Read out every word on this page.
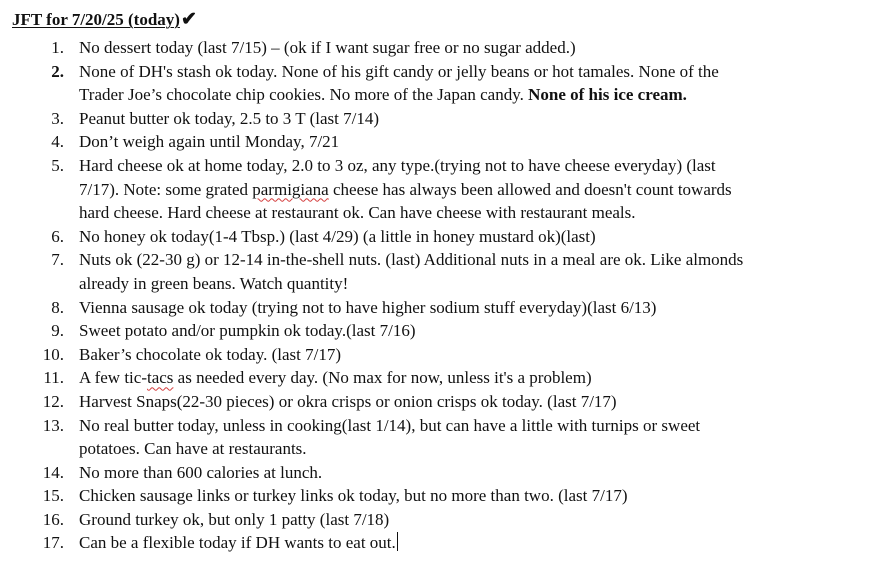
JFT for 7/20/25 (today)✔
1. No dessert today (last 7/15) – (ok if I want sugar free or no sugar added.)
2. None of DH's stash ok today. None of his gift candy or jelly beans or hot tamales. None of the
Trader Joe’s chocolate chip cookies. No more of the Japan candy. None of his ice cream.
3. Peanut butter ok today, 2.5 to 3 T (last 7/14)
4. Don’t weigh again until Monday, 7/21
5. Hard cheese ok at home today, 2.0 to 3 oz, any type.(trying not to have cheese everyday) (last
7/17). Note: some grated parmigiana cheese has always been allowed and doesn't count towards
hard cheese. Hard cheese at restaurant ok. Can have cheese with restaurant meals.
6. No honey ok today(1-4 Tbsp.) (last 4/29) (a little in honey mustard ok)(last)
7. Nuts ok (22-30 g) or 12-14 in-the-shell nuts. (last) Additional nuts in a meal are ok. Like almonds
already in green beans. Watch quantity!
8. Vienna sausage ok today (trying not to have higher sodium stuff everyday)(last 6/13)
9. Sweet potato and/or pumpkin ok today.(last 7/16)
10. Baker’s chocolate ok today. (last 7/17)
11. A few tic-tacs as needed every day. (No max for now, unless it's a problem)
12. Harvest Snaps(22-30 pieces) or okra crisps or onion crisps ok today. (last 7/17)
13. No real butter today, unless in cooking(last 1/14), but can have a little with turnips or sweet
potatoes. Can have at restaurants.
14. No more than 600 calories at lunch.
15. Chicken sausage links or turkey links ok today, but no more than two. (last 7/17)
16. Ground turkey ok, but only 1 patty (last 7/18)
17. Can be a flexible today if DH wants to eat out.
